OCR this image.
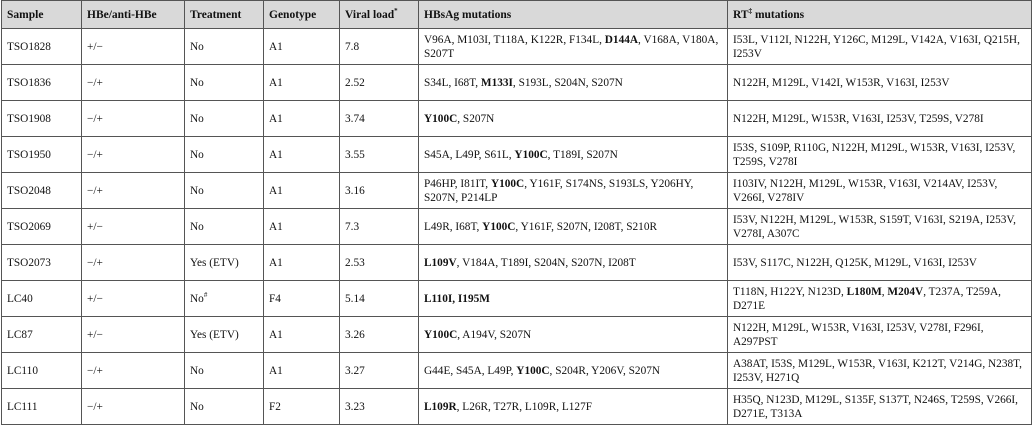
Sample	HBe/anti-HBe	Treatment	Genotype	Viral load*	HBsAg mutations	RT‡ mutations
TSO1828	+/−	No	A1	7.8	V96A, M103I, T118A, K122R, F134L, D144A, V168A, V180A, S207T	I53L, V112I, N122H, Y126C, M129L, V142A, V163I, Q215H, I253V
TSO1836	−/+	No	A1	2.52	S34L, I68T, M133I, S193L, S204N, S207N	N122H, M129L, V142I, W153R, V163I, I253V
TSO1908	−/+	No	A1	3.74	Y100C, S207N	N122H, M129L, W153R, V163I, I253V, T259S, V278I
TSO1950	−/+	No	A1	3.55	S45A, L49P, S61L, Y100C, T189I, S207N	I53S, S109P, R110G, N122H, M129L, W153R, V163I, I253V, T259S, V278I
TSO2048	−/+	No	A1	3.16	P46HP, I81IT, Y100C, Y161F, S174NS, S193LS, Y206HY, S207N, P214LP	I103IV, N122H, M129L, W153R, V163I, V214AV, I253V, V266I, V278IV
TSO2069	+/−	No	A1	7.3	L49R, I68T, Y100C, Y161F, S207N, I208T, S210R	I53V, N122H, M129L, W153R, S159T, V163I, S219A, I253V, V278I, A307C
TSO2073	−/+	Yes (ETV)	A1	2.53	L109V, V184A, T189I, S204N, S207N, I208T	I53V, S117C, N122H, Q125K, M129L, V163I, I253V
LC40	+/−	No#	F4	5.14	L110I, I195M	T118N, H122Y, N123D, L180M, M204V, T237A, T259A, D271E
LC87	+/−	Yes (ETV)	A1	3.26	Y100C, A194V, S207N	N122H, M129L, W153R, V163I, I253V, V278I, F296I, A297PST
LC110	−/+	No	A1	3.27	G44E, S45A, L49P, Y100C, S204R, Y206V, S207N	A38AT, I53S, M129L, W153R, V163I, K212T, V214G, N238T, I253V, H271Q
LC111	−/+	No	F2	3.23	L109R, L26R, T27R, L109R, L127F	H35Q, N123D, M129L, S135F, S137T, N246S, T259S, V266I, D271E, T313A
